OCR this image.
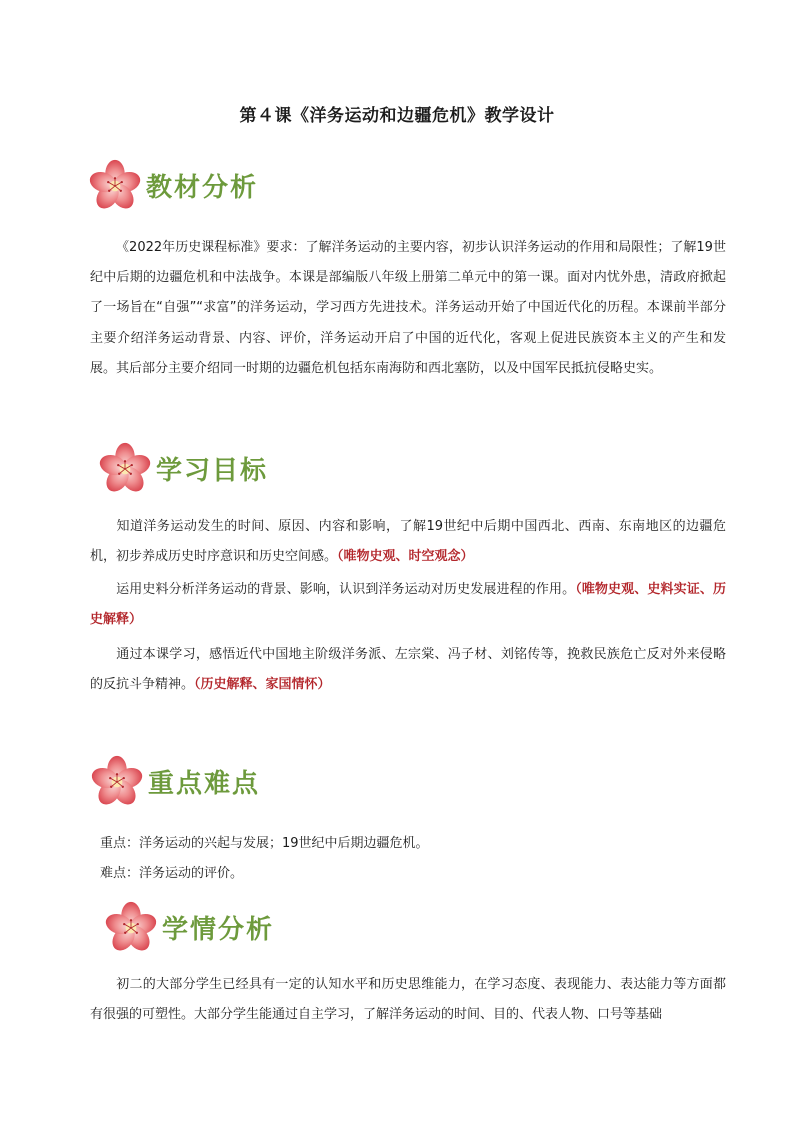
第４课《洋务运动和边疆危机》教学设计
教材分析
《2022年历史课程标准》要求：了解洋务运动的主要内容，初步认识洋务运动的作用和局限性；了解19世纪中后期的边疆危机和中法战争。本课是部编版八年级上册第二单元中的第一课。面对内忧外患，清政府掀起了一场旨在“自强”“求富”的洋务运动，学习西方先进技术。洋务运动开始了中国近代化的历程。本课前半部分主要介绍洋务运动背景、内容、评价，洋务运动开启了中国的近代化，客观上促进民族资本主义的产生和发展。其后部分主要介绍同一时期的边疆危机包括东南海防和西北塞防，以及中国军民抵抗侵略史实。
学习目标
知道洋务运动发生的时间、原因、内容和影响，了解19世纪中后期中国西北、西南、东南地区的边疆危机，初步养成历史时序意识和历史空间感。（唯物史观、时空观念）
运用史料分析洋务运动的背景、影响，认识到洋务运动对历史发展进程的作用。（唯物史观、史料实证、历史解释）
通过本课学习，感悟近代中国地主阶级洋务派、左宗棠、冯子材、刘铭传等，挽救民族危亡反对外来侵略的反抗斗争精神。（历史解释、家国情怀）
重点难点
重点：洋务运动的兴起与发展；19世纪中后期边疆危机。
难点：洋务运动的评价。
学情分析
初二的大部分学生已经具有一定的认知水平和历史思维能力，在学习态度、表现能力、表达能力等方面都有很强的可塑性。大部分学生能通过自主学习，了解洋务运动的时间、目的、代表人物、口号等基础
